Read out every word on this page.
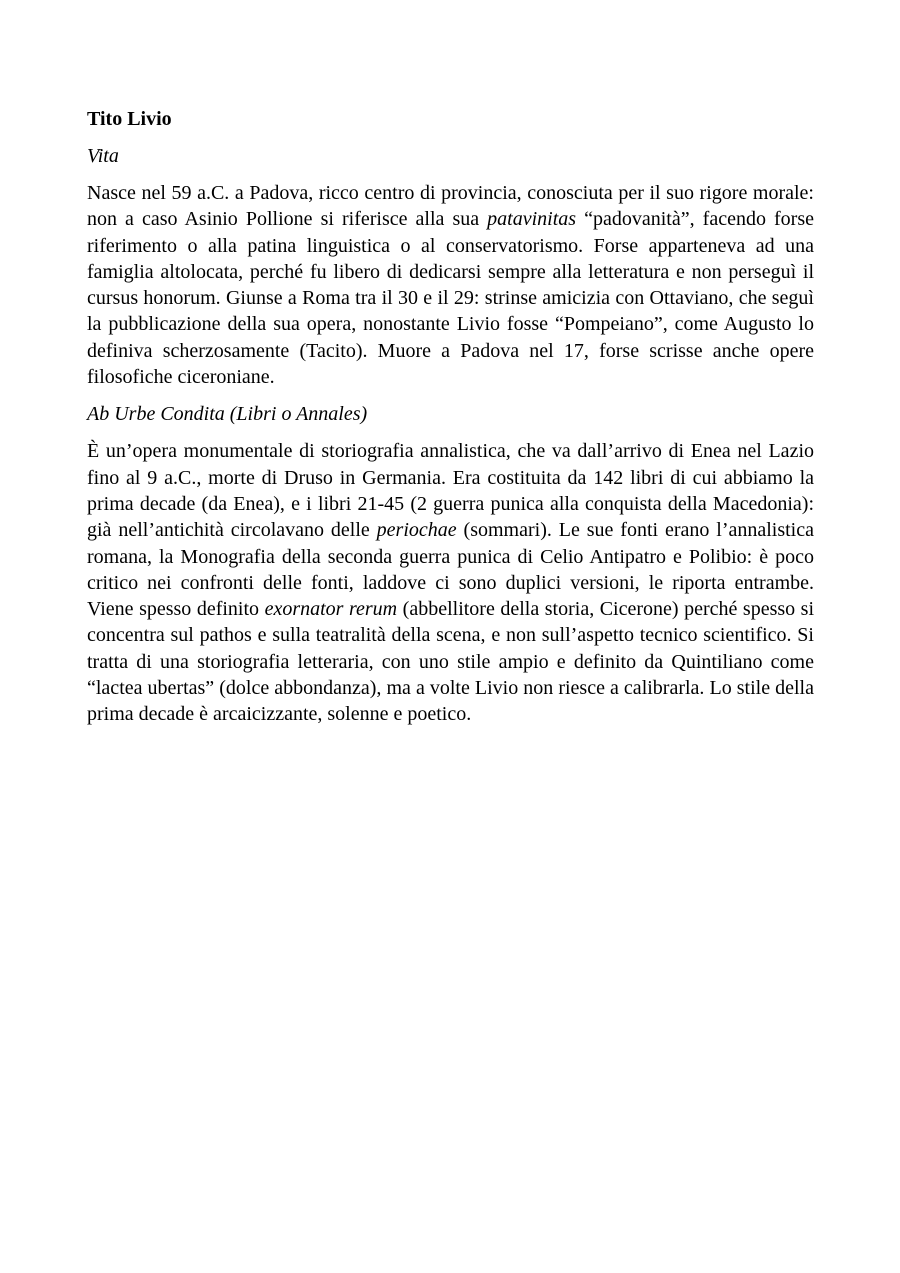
Tito Livio
Vita

Nasce nel 59 a.C. a Padova, ricco centro di provincia, conosciuta per il suo rigore morale: non a caso Asinio Pollione si riferisce alla sua patavinitas “padovanità”, facendo forse riferimento o alla patina linguistica o al conservatorismo. Forse apparteneva ad una famiglia altolocata, perché fu libero di dedicarsi sempre alla letteratura e non perseguì il cursus honorum. Giunse a Roma tra il 30 e il 29: strinse amicizia con Ottaviano, che seguì la pubblicazione della sua opera, nonostante Livio fosse “Pompeiano”, come Augusto lo definiva scherzosamente (Tacito). Muore a Padova nel 17, forse scrisse anche opere filosofiche ciceroniane.

Ab Urbe Condita (Libri o Annales)

È un’opera monumentale di storiografia annalistica, che va dall’arrivo di Enea nel Lazio fino al 9 a.C., morte di Druso in Germania. Era costituita da 142 libri di cui abbiamo la prima decade (da Enea), e i libri 21-45 (2 guerra punica alla conquista della Macedonia): già nell’antichità circolavano delle periochae (sommari). Le sue fonti erano l’annalistica romana, la Monografia della seconda guerra punica di Celio Antipatro e Polibio: è poco critico nei confronti delle fonti, laddove ci sono duplici versioni, le riporta entrambe. Viene spesso definito exornator rerum (abbellitore della storia, Cicerone) perché spesso si concentra sul pathos e sulla teatralità della scena, e non sull’aspetto tecnico scientifico. Si tratta di una storiografia letteraria, con uno stile ampio e definito da Quintiliano come “lactea ubertas” (dolce abbondanza), ma a volte Livio non riesce a calibrarla. Lo stile della prima decade è arcaicizzante, solenne e poetico.
